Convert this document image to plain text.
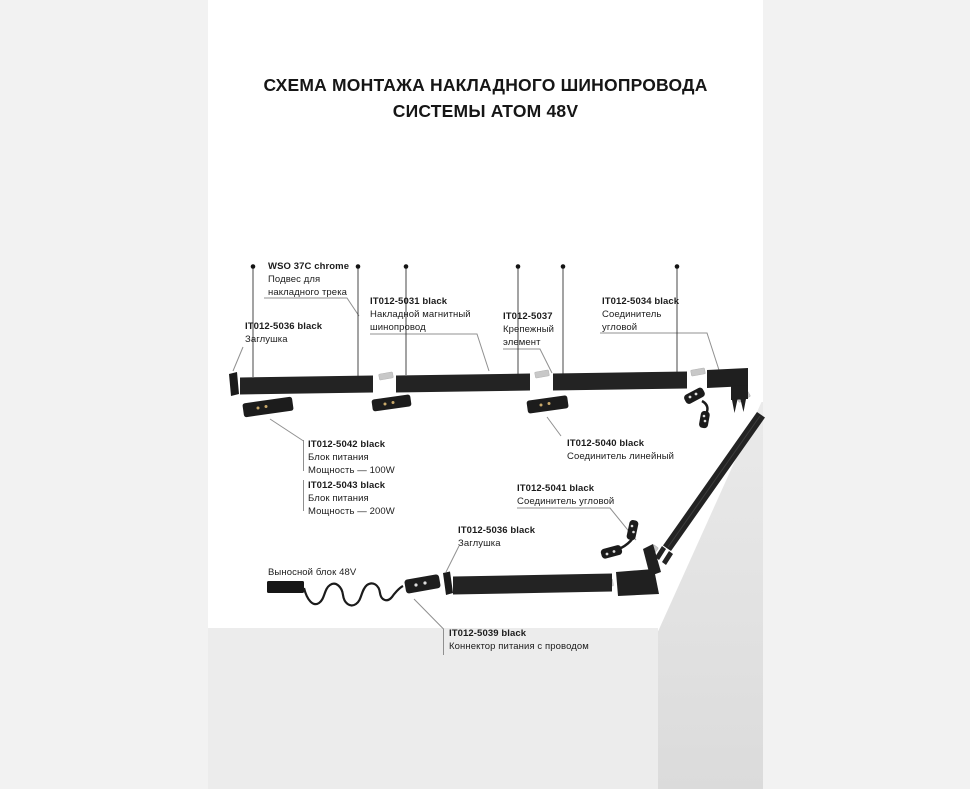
СХЕМА МОНТАЖА НАКЛАДНОГО ШИНОПРОВОДА
СИСТЕМЫ ATOM 48V
WSO 37C chrome
Подвес для
накладного трека
IT012-5036 black
Заглушка
IT012-5031 black
Накладной магнитный
шинопровод
IT012-5037
Крепежный
элемент
IT012-5034 black
Соединитель
угловой
IT012-5042 black
Блок питания
Мощность — 100W
IT012-5043 black
Блок питания
Мощность — 200W
IT012-5040 black
Соединитель линейный
IT012-5041 black
Соединитель угловой
IT012-5036 black
Заглушка
Выносной блок 48V
IT012-5039 black
Коннектор питания с проводом
